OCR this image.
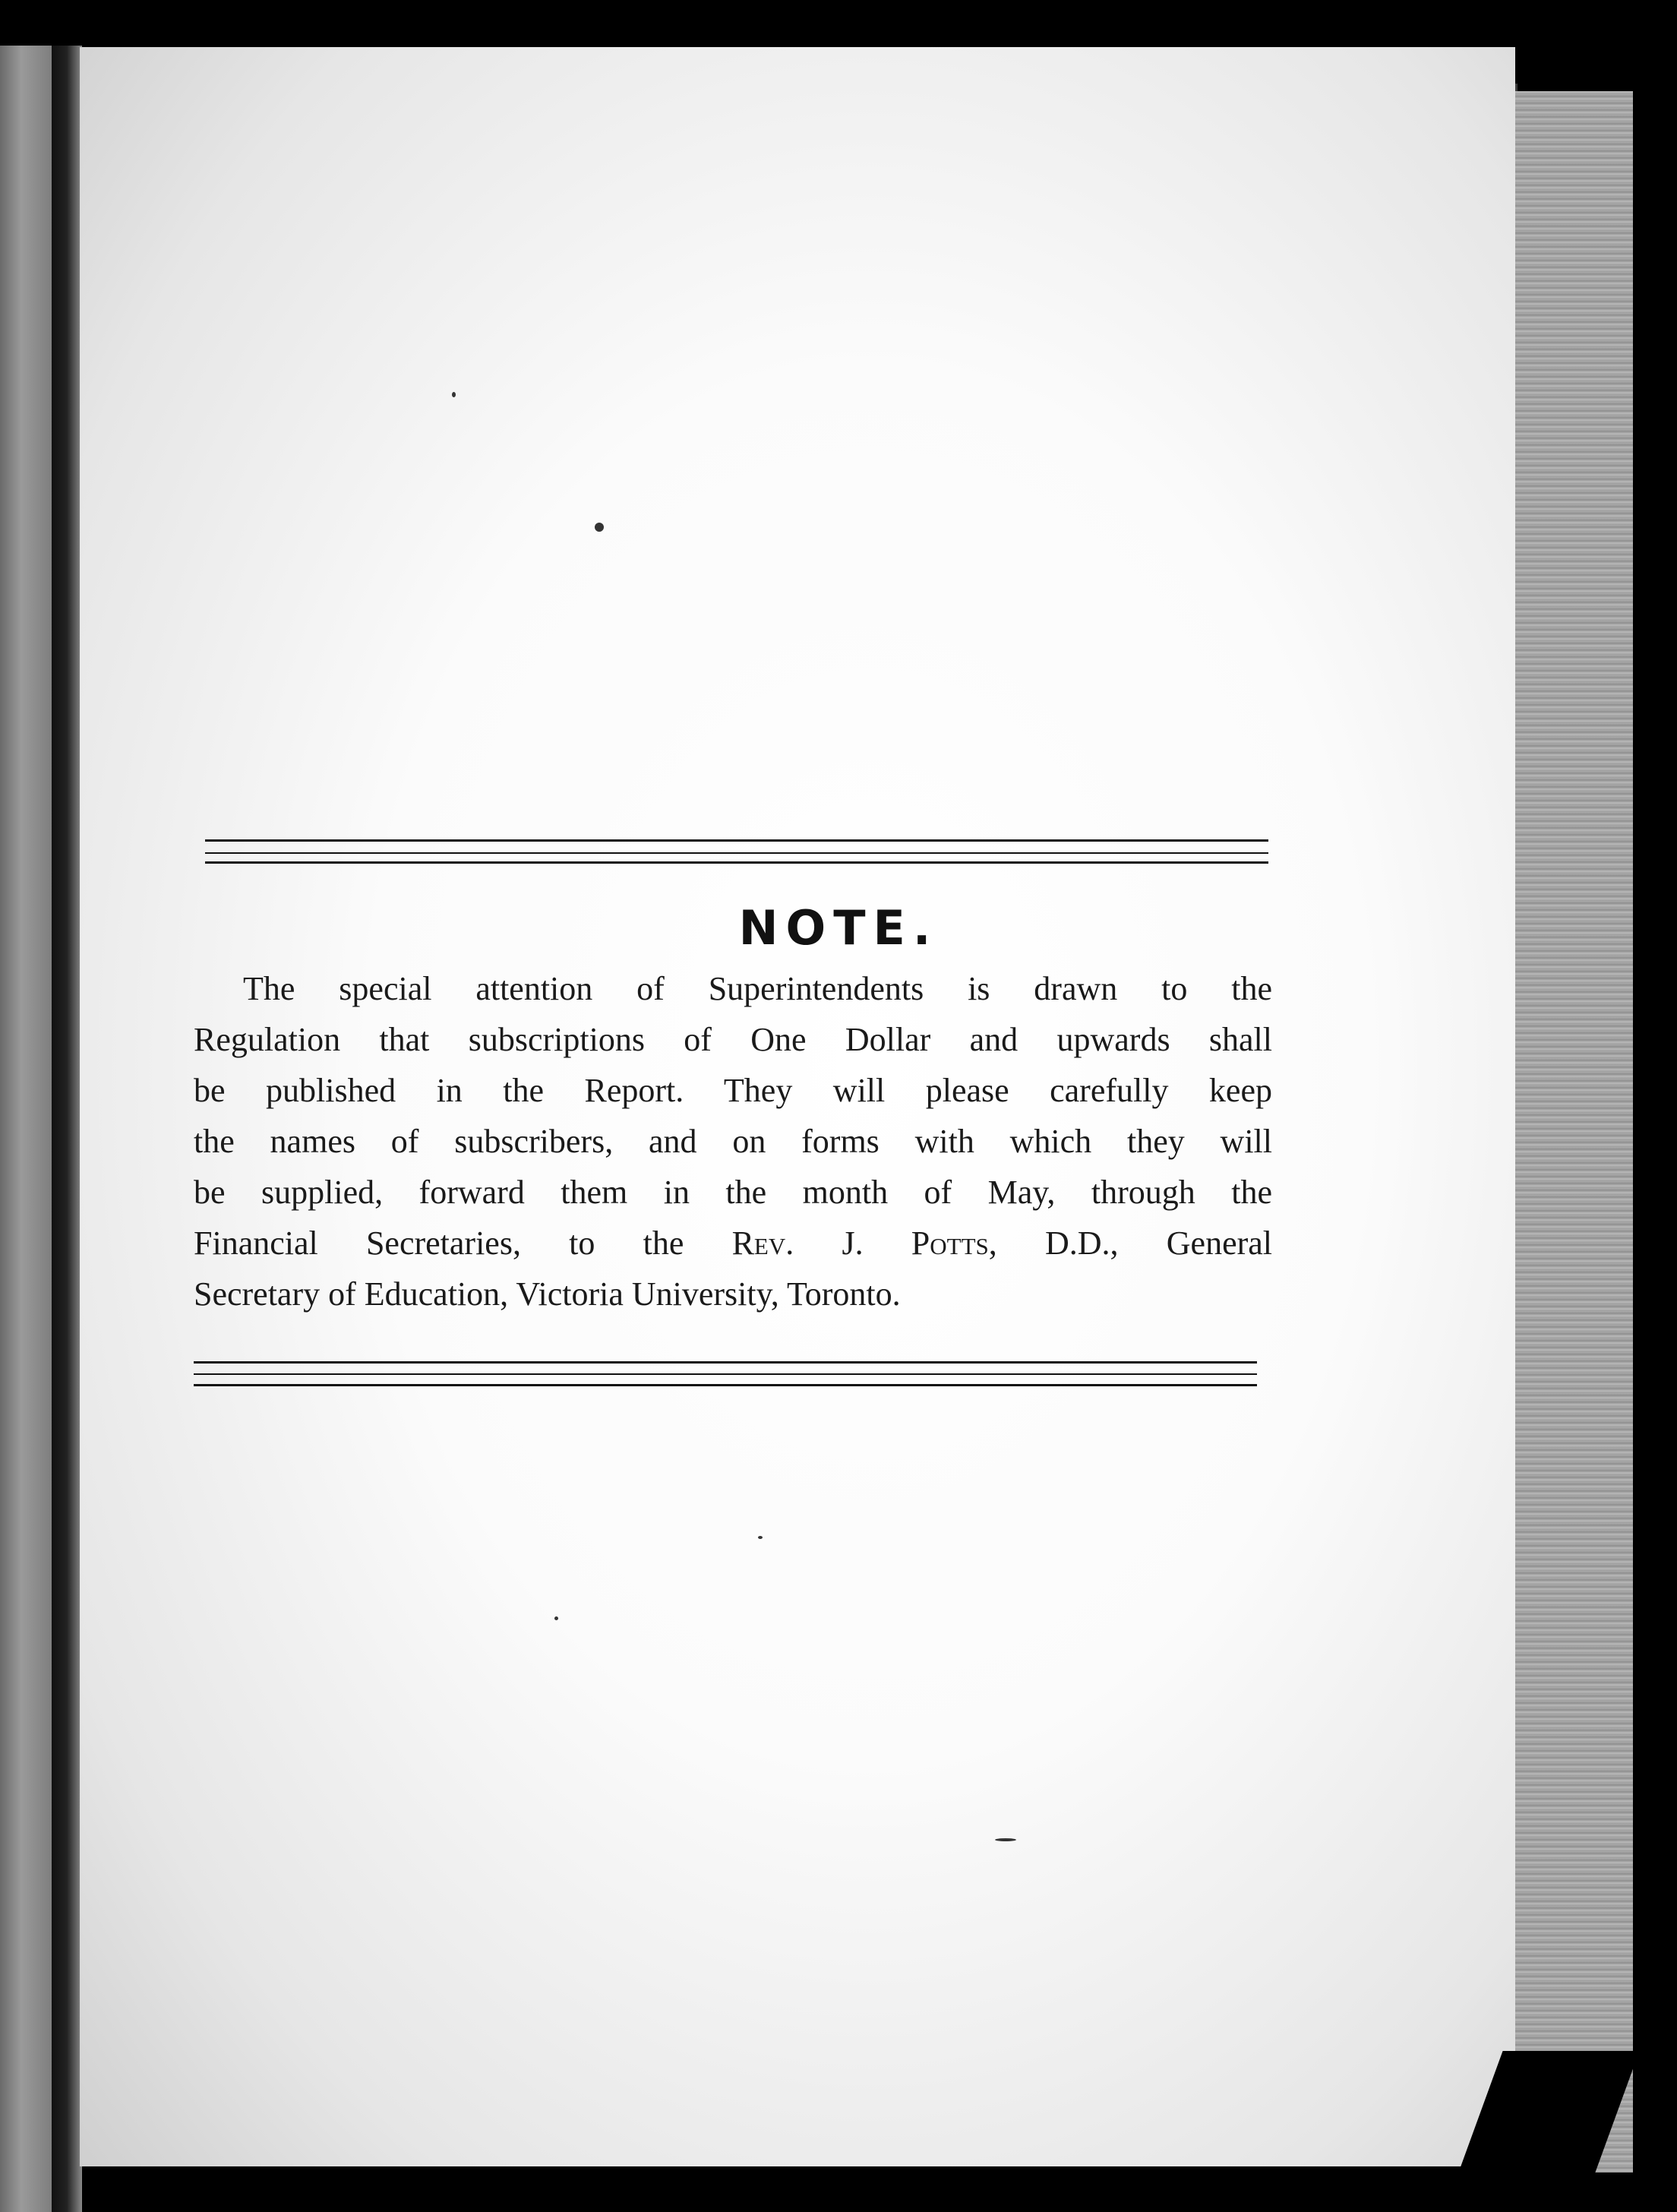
NOTE.
The special attention of Superintendents is drawn to the
Regulation that subscriptions of One Dollar and upwards shall
be published in the Report. They will please carefully keep
the names of subscribers, and on forms with which they will
be supplied, forward them in the month of May, through the
Financial Secretaries, to the Rev. J. Potts, D.D., General
Secretary of Education, Victoria University, Toronto.
